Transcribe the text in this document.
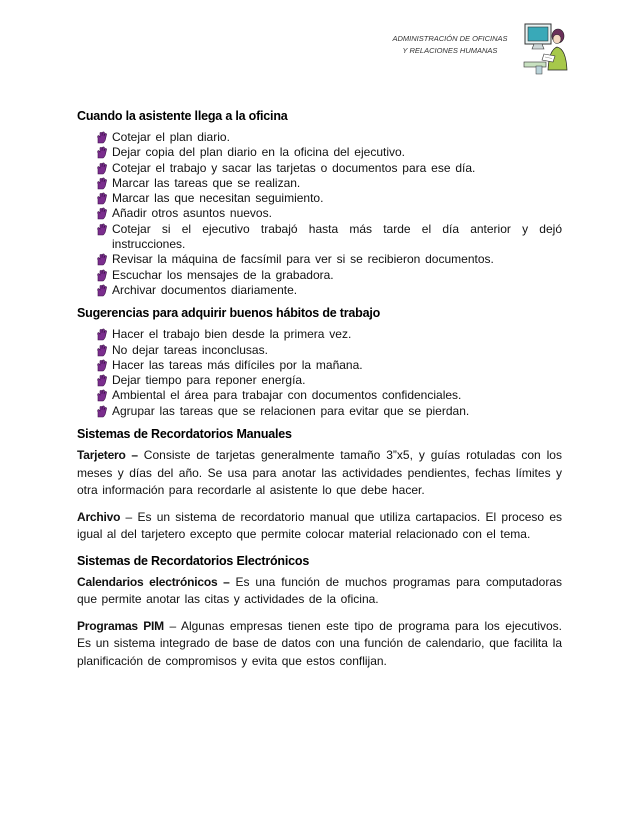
ADMINISTRACIÓN DE OFICINAS
Y RELACIONES HUMANAS
Cuando la asistente llega a la oficina
Cotejar el plan diario.
Dejar copia del plan diario en la oficina del ejecutivo.
Cotejar el trabajo y sacar las tarjetas o documentos para ese día.
Marcar las tareas que se realizan.
Marcar las que necesitan seguimiento.
Añadir otros asuntos nuevos.
Cotejar si el ejecutivo trabajó hasta más tarde el día anterior y dejó instrucciones.
Revisar la máquina de facsímil para ver si se recibieron documentos.
Escuchar los mensajes de la grabadora.
Archivar documentos diariamente.
Sugerencias para adquirir buenos hábitos de trabajo
Hacer el trabajo bien desde la primera vez.
No dejar tareas inconclusas.
Hacer las tareas más difíciles por la mañana.
Dejar tiempo para reponer energía.
Ambiental el área para trabajar con documentos confidenciales.
Agrupar las tareas que se relacionen para evitar que se pierdan.
Sistemas de Recordatorios Manuales

Tarjetero – Consiste de tarjetas generalmente tamaño 3”x5, y guías rotuladas con los meses y días del año. Se usa para anotar las actividades pendientes, fechas límites y otra información para recordarle al asistente lo que debe hacer.

Archivo – Es un sistema de recordatorio manual que utiliza cartapacios. El proceso es igual al del tarjetero excepto que permite colocar material relacionado con el tema.

Sistemas de Recordatorios Electrónicos

Calendarios electrónicos – Es una función de muchos programas para computadoras que permite anotar las citas y actividades de la oficina.

Programas PIM – Algunas empresas tienen este tipo de programa para los ejecutivos. Es un sistema integrado de base de datos con una función de calendario, que facilita la planificación de compromisos y evita que estos conflijan.
